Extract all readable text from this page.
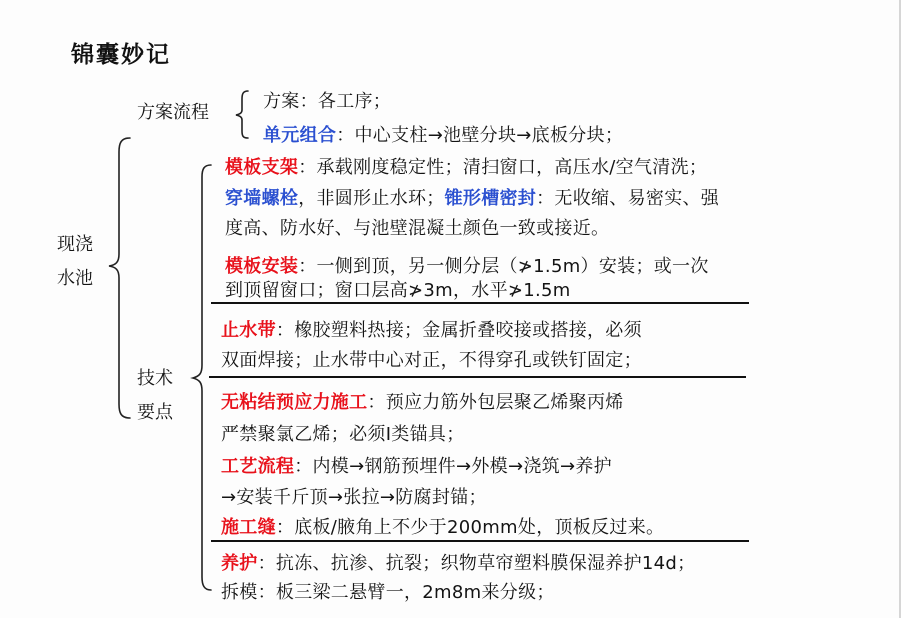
锦囊妙记
现浇
水池
方案流程
方案：各工序；
单元组合：中心支柱→池壁分块→底板分块；
技术
要点
模板支架：承载刚度稳定性；清扫窗口，高压水/空气清洗；
穿墙螺栓，非圆形止水环；锥形槽密封：无收缩、易密实、强
度高、防水好、与池壁混凝土颜色一致或接近。
模板安装：一侧到顶，另一侧分层（≯1.5m）安装；或一次
到顶留窗口；窗口层高≯3m，水平≯1.5m
止水带：橡胶塑料热接；金属折叠咬接或搭接，必须
双面焊接；止水带中心对正，不得穿孔或铁钉固定；
无粘结预应力施工：预应力筋外包层聚乙烯聚丙烯
严禁聚氯乙烯；必须Ⅰ类锚具；
工艺流程：内模→钢筋预埋件→外模→浇筑→养护
→安装千斤顶→张拉→防腐封锚；
施工缝：底板/腋角上不少于200mm处，顶板反过来。
养护：抗冻、抗渗、抗裂；织物草帘塑料膜保湿养护14d；
拆模：板三梁二悬臂一，2m8m来分级；
